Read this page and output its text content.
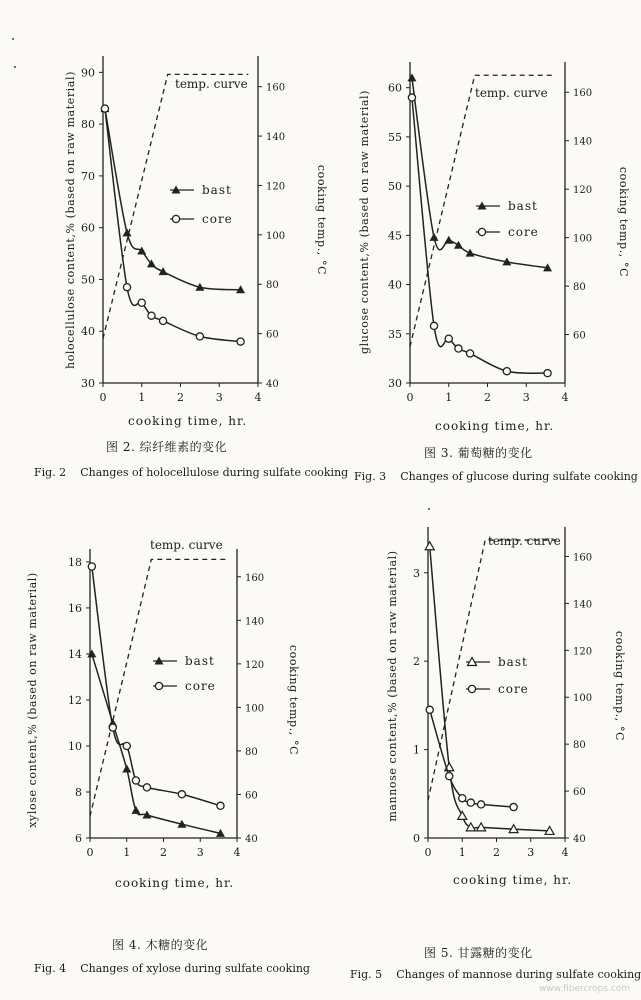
0	1	2	3	4
30
40
50
60
70
80
90
40
60
80
100
120
140
160
cooking time, hr.
holocellulose content,% (based on raw material)	cooking temp., °C
temp. curve
bast
core
图 2. 综纤维素的变化
Fig. 2 Changes of holocellulose during sulfate cooking
0	1	2	3	4
30
35
40
45
50
55
60
60
80
100
120
140
160
cooking time, hr.
glucose content,% (based on raw material)	cooking temp., °C
temp. curve
bast
core
图 3. 葡萄糖的变化
Fig. 3 Changes of glucose during sulfate cooking
0	1	2	3	4
6
8
10
12
14
16
18
40
60
80
100
120
140
160
cooking time, hr.
xylose content,% (based on raw material)	cooking temp., °C
temp. curve
bast
core
图 4. 木糖的变化
Fig. 4 Changes of xylose during sulfate cooking
0 1 2 3 4
0
1
2
3
40
60
80
100
120
140
160
cooking time, hr.
mannose content,% (based on raw material)	cooking temp., °C
temp. curve
bast
core
图 5. 甘露糖的变化
Fig. 5 Changes of mannose during sulfate cooking
www.fibercrops.com
